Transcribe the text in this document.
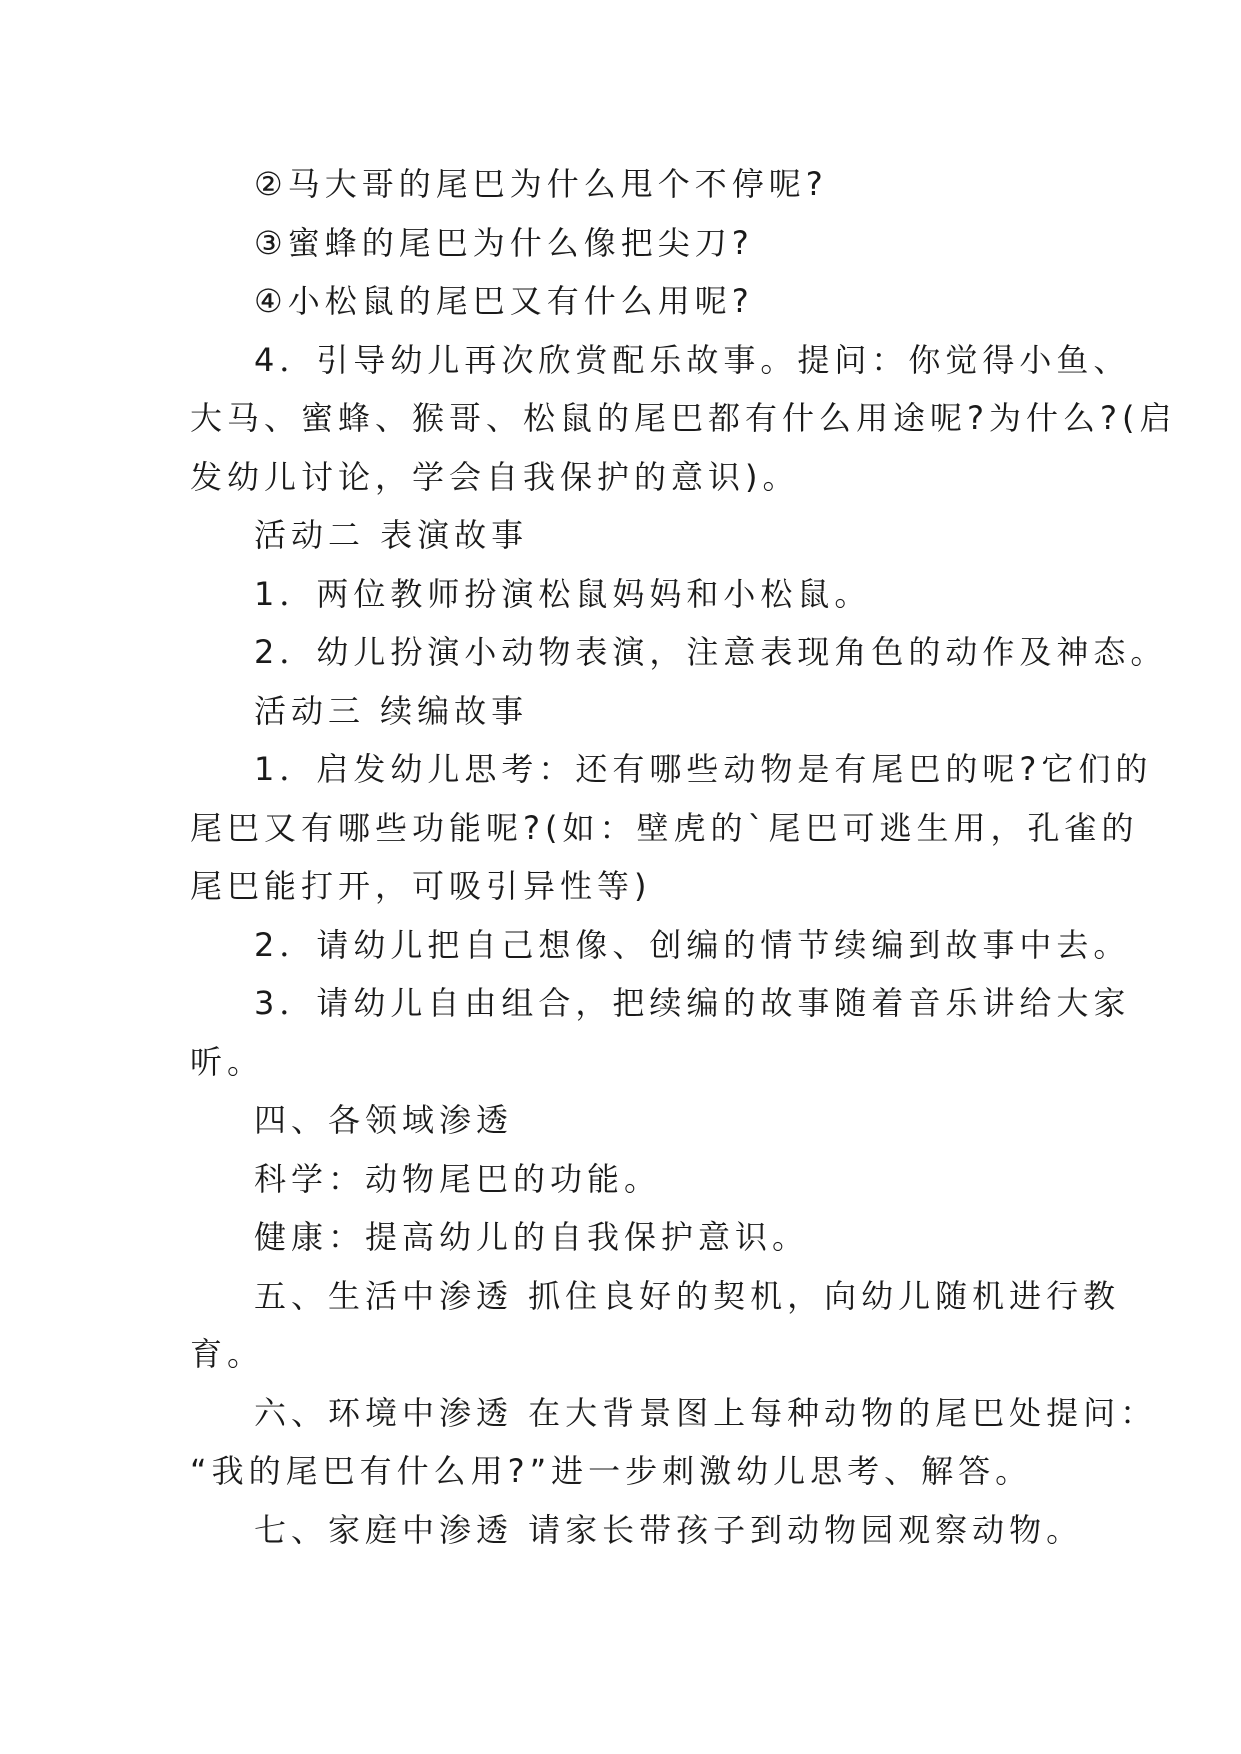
②马大哥的尾巴为什么甩个不停呢?
③蜜蜂的尾巴为什么像把尖刀?
④小松鼠的尾巴又有什么用呢?
4．引导幼儿再次欣赏配乐故事。提问：你觉得小鱼、
大马、蜜蜂、猴哥、松鼠的尾巴都有什么用途呢?为什么?(启
发幼儿讨论，学会自我保护的意识)。
活动二 表演故事
1．两位教师扮演松鼠妈妈和小松鼠。
2．幼儿扮演小动物表演，注意表现角色的动作及神态。
活动三 续编故事
1．启发幼儿思考：还有哪些动物是有尾巴的呢?它们的
尾巴又有哪些功能呢?(如：壁虎的`尾巴可逃生用，孔雀的
尾巴能打开，可吸引异性等)
2．请幼儿把自己想像、创编的情节续编到故事中去。
3．请幼儿自由组合，把续编的故事随着音乐讲给大家
听。
四、各领域渗透
科学：动物尾巴的功能。
健康：提高幼儿的自我保护意识。
五、生活中渗透 抓住良好的契机，向幼儿随机进行教
育。
六、环境中渗透 在大背景图上每种动物的尾巴处提问：
“我的尾巴有什么用?”进一步刺激幼儿思考、解答。
七、家庭中渗透 请家长带孩子到动物园观察动物。
